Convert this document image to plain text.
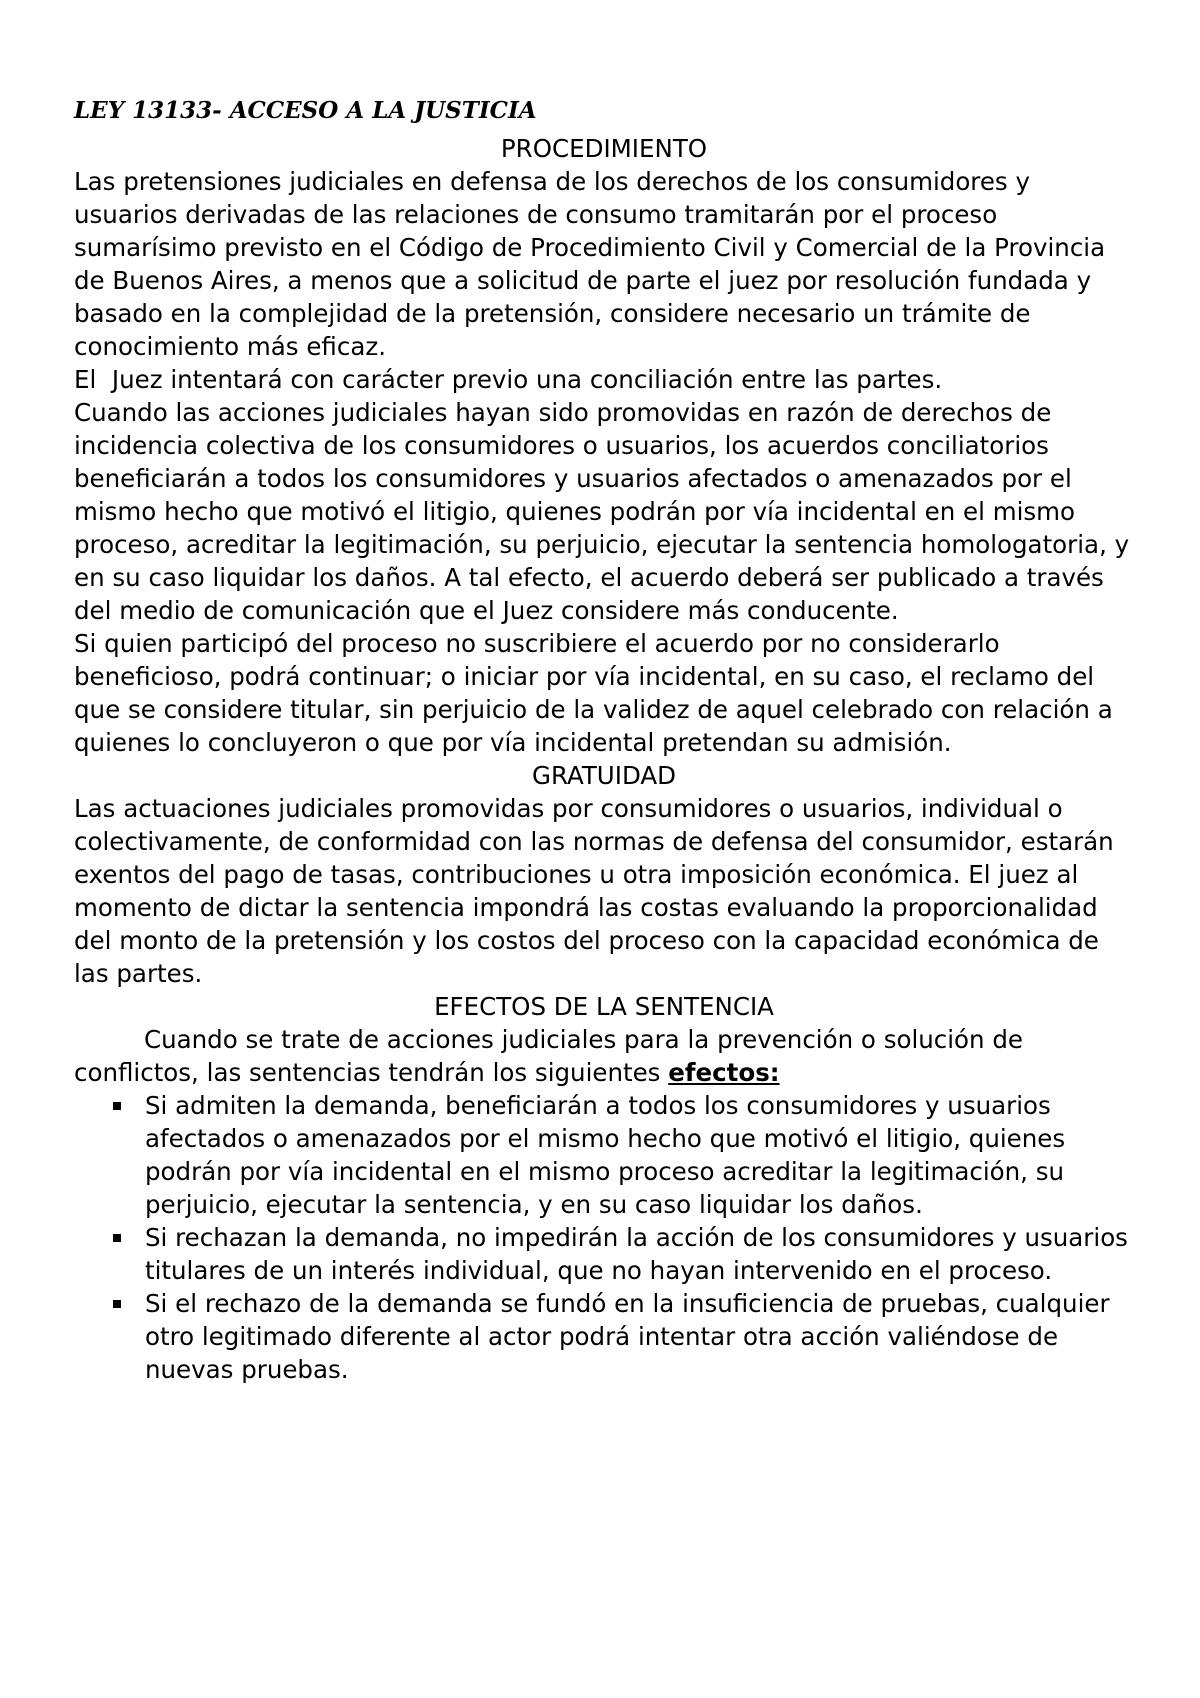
LEY 13133- ACCESO A LA JUSTICIA
PROCEDIMIENTO

Las pretensiones judiciales en defensa de los derechos de los consumidores y usuarios derivadas de las relaciones de consumo tramitarán por el proceso sumarísimo previsto en el Código de Procedimiento Civil y Comercial de la Provincia de Buenos Aires, a menos que a solicitud de parte el juez por resolución fundada y basado en la complejidad de la pretensión, considere necesario un trámite de conocimiento más eficaz.

El  Juez intentará con carácter previo una conciliación entre las partes.

Cuando las acciones judiciales hayan sido promovidas en razón de derechos de incidencia colectiva de los consumidores o usuarios, los acuerdos conciliatorios beneficiarán a todos los consumidores y usuarios afectados o amenazados por el mismo hecho que motivó el litigio, quienes podrán por vía incidental en el mismo proceso, acreditar la legitimación, su perjuicio, ejecutar la sentencia homologatoria, y en su caso liquidar los daños. A tal efecto, el acuerdo deberá ser publicado a través del medio de comunicación que el Juez considere más conducente.

Si quien participó del proceso no suscribiere el acuerdo por no considerarlo beneficioso, podrá continuar; o iniciar por vía incidental, en su caso, el reclamo del que se considere titular, sin perjuicio de la validez de aquel celebrado con relación a quienes lo concluyeron o que por vía incidental pretendan su admisión.

GRATUIDAD

Las actuaciones judiciales promovidas por consumidores o usuarios, individual o colectivamente, de conformidad con las normas de defensa del consumidor, estarán exentos del pago de tasas, contribuciones u otra imposición económica. El juez al momento de dictar la sentencia impondrá las costas evaluando la proporcionalidad del monto de la pretensión y los costos del proceso con la capacidad económica de las partes.

EFECTOS DE LA SENTENCIA

Cuando se trate de acciones judiciales para la prevención o solución de conflictos, las sentencias tendrán los siguientes efectos:

Si admiten la demanda, beneficiarán a todos los consumidores y usuarios afectados o amenazados por el mismo hecho que motivó el litigio, quienes podrán por vía incidental en el mismo proceso acreditar la legitimación, su perjuicio, ejecutar la sentencia, y en su caso liquidar los daños.
Si rechazan la demanda, no impedirán la acción de los consumidores y usuarios titulares de un interés individual, que no hayan intervenido en el proceso.
Si el rechazo de la demanda se fundó en la insuficiencia de pruebas, cualquier otro legitimado diferente al actor podrá intentar otra acción valiéndose de nuevas pruebas.
